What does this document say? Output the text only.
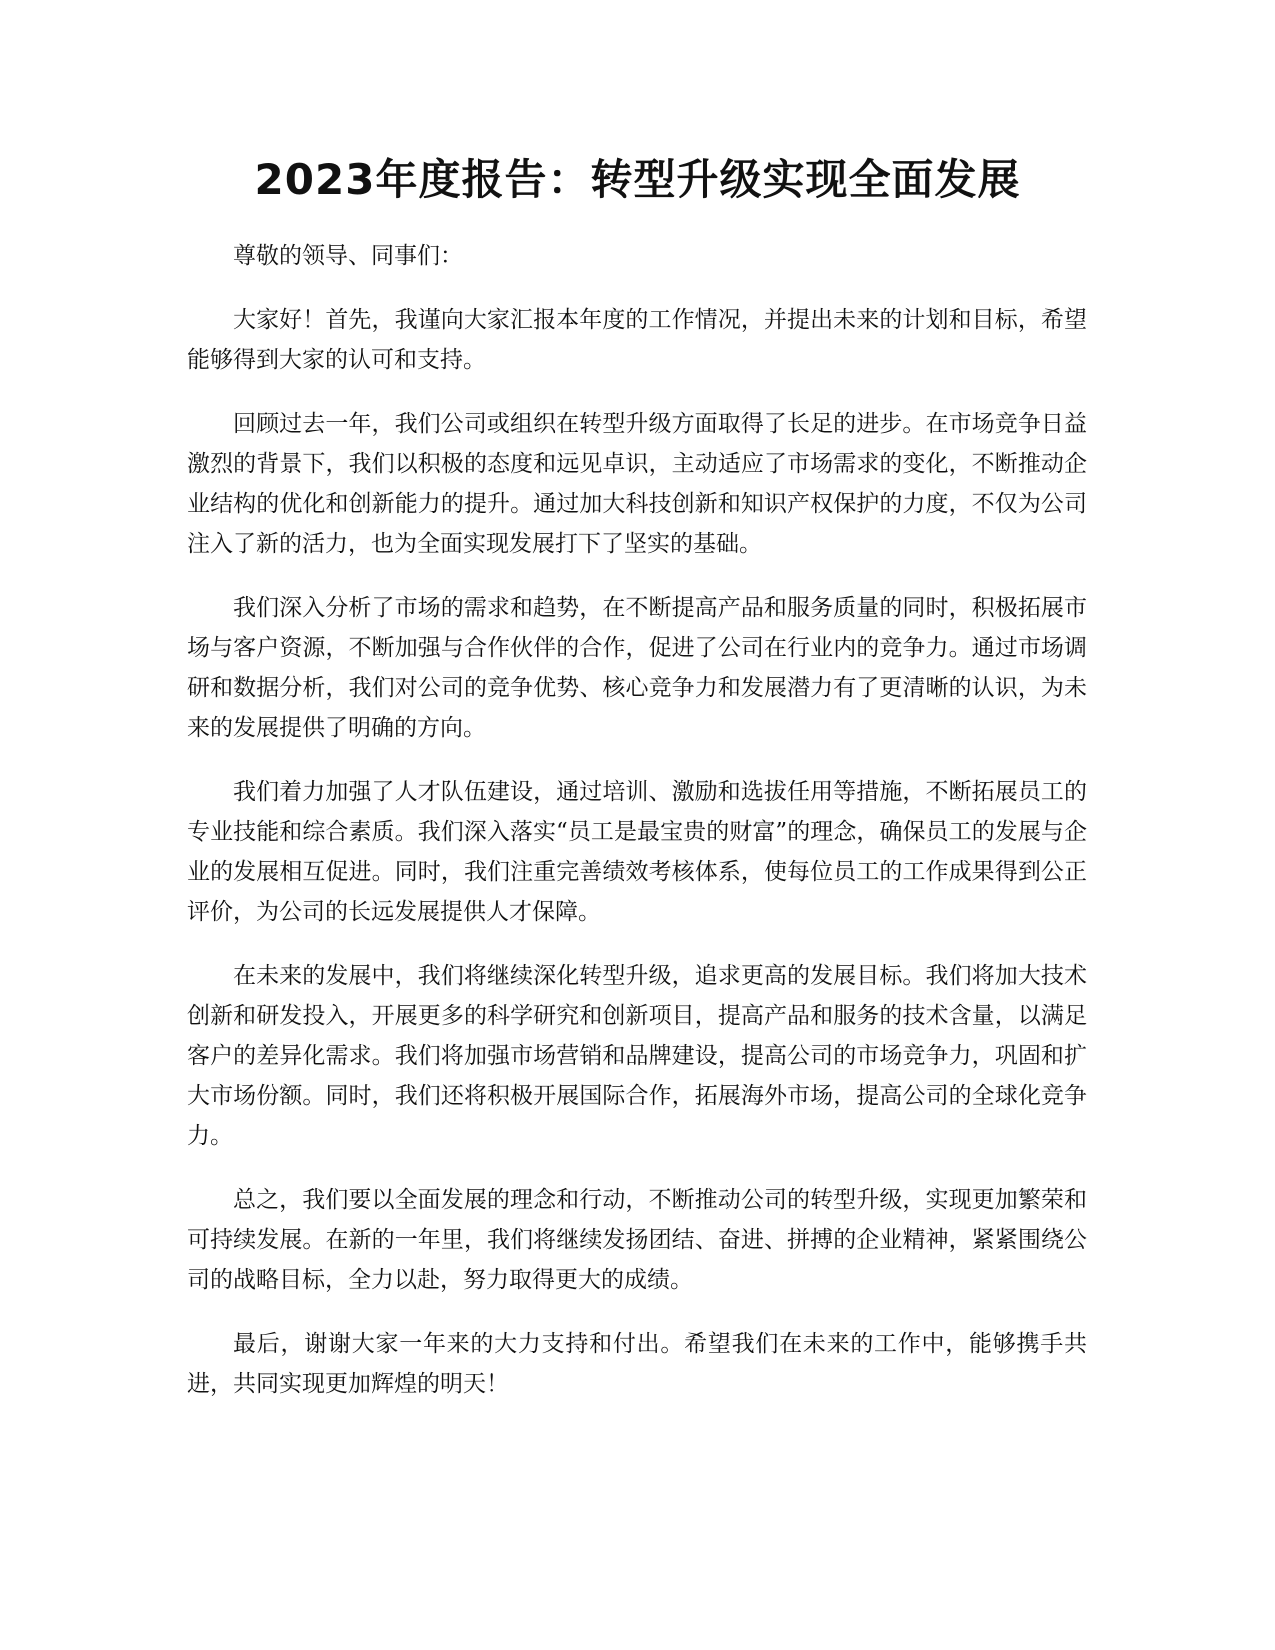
2023年度报告：转型升级实现全面发展

尊敬的领导、同事们：

大家好！首先，我谨向大家汇报本年度的工作情况，并提出未来的计划和目标，希望能够得到大家的认可和支持。

回顾过去一年，我们公司或组织在转型升级方面取得了长足的进步。在市场竞争日益激烈的背景下，我们以积极的态度和远见卓识，主动适应了市场需求的变化，不断推动企业结构的优化和创新能力的提升。通过加大科技创新和知识产权保护的力度，不仅为公司注入了新的活力，也为全面实现发展打下了坚实的基础。

我们深入分析了市场的需求和趋势，在不断提高产品和服务质量的同时，积极拓展市场与客户资源，不断加强与合作伙伴的合作，促进了公司在行业内的竞争力。通过市场调研和数据分析，我们对公司的竞争优势、核心竞争力和发展潜力有了更清晰的认识，为未来的发展提供了明确的方向。

我们着力加强了人才队伍建设，通过培训、激励和选拔任用等措施，不断拓展员工的专业技能和综合素质。我们深入落实“员工是最宝贵的财富”的理念，确保员工的发展与企业的发展相互促进。同时，我们注重完善绩效考核体系，使每位员工的工作成果得到公正评价，为公司的长远发展提供人才保障。

在未来的发展中，我们将继续深化转型升级，追求更高的发展目标。我们将加大技术创新和研发投入，开展更多的科学研究和创新项目，提高产品和服务的技术含量，以满足客户的差异化需求。我们将加强市场营销和品牌建设，提高公司的市场竞争力，巩固和扩大市场份额。同时，我们还将积极开展国际合作，拓展海外市场，提高公司的全球化竞争力。

总之，我们要以全面发展的理念和行动，不断推动公司的转型升级，实现更加繁荣和可持续发展。在新的一年里，我们将继续发扬团结、奋进、拼搏的企业精神，紧紧围绕公司的战略目标，全力以赴，努力取得更大的成绩。

最后，谢谢大家一年来的大力支持和付出。希望我们在未来的工作中，能够携手共进，共同实现更加辉煌的明天！
